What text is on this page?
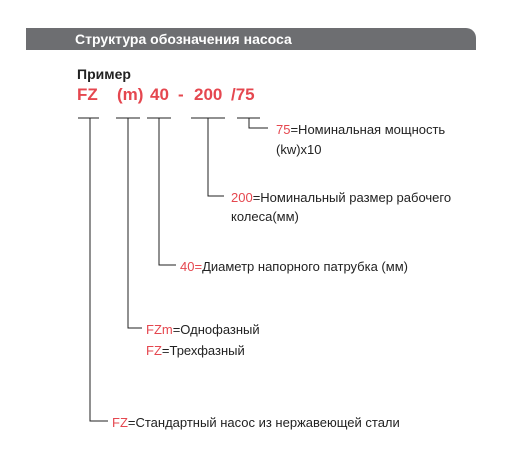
Структура обозначения насоса
Пример
FZ (m) 40 - 200 /75
75=Номинальная мощность
(kw)x10
200=Номинальный размер рабочего
колеса(мм)
40=Диаметр напорного патрубка (мм)
FZm=Однофазный
FZ=Трехфазный
FZ=Стандартный насос из нержавеющей стали
